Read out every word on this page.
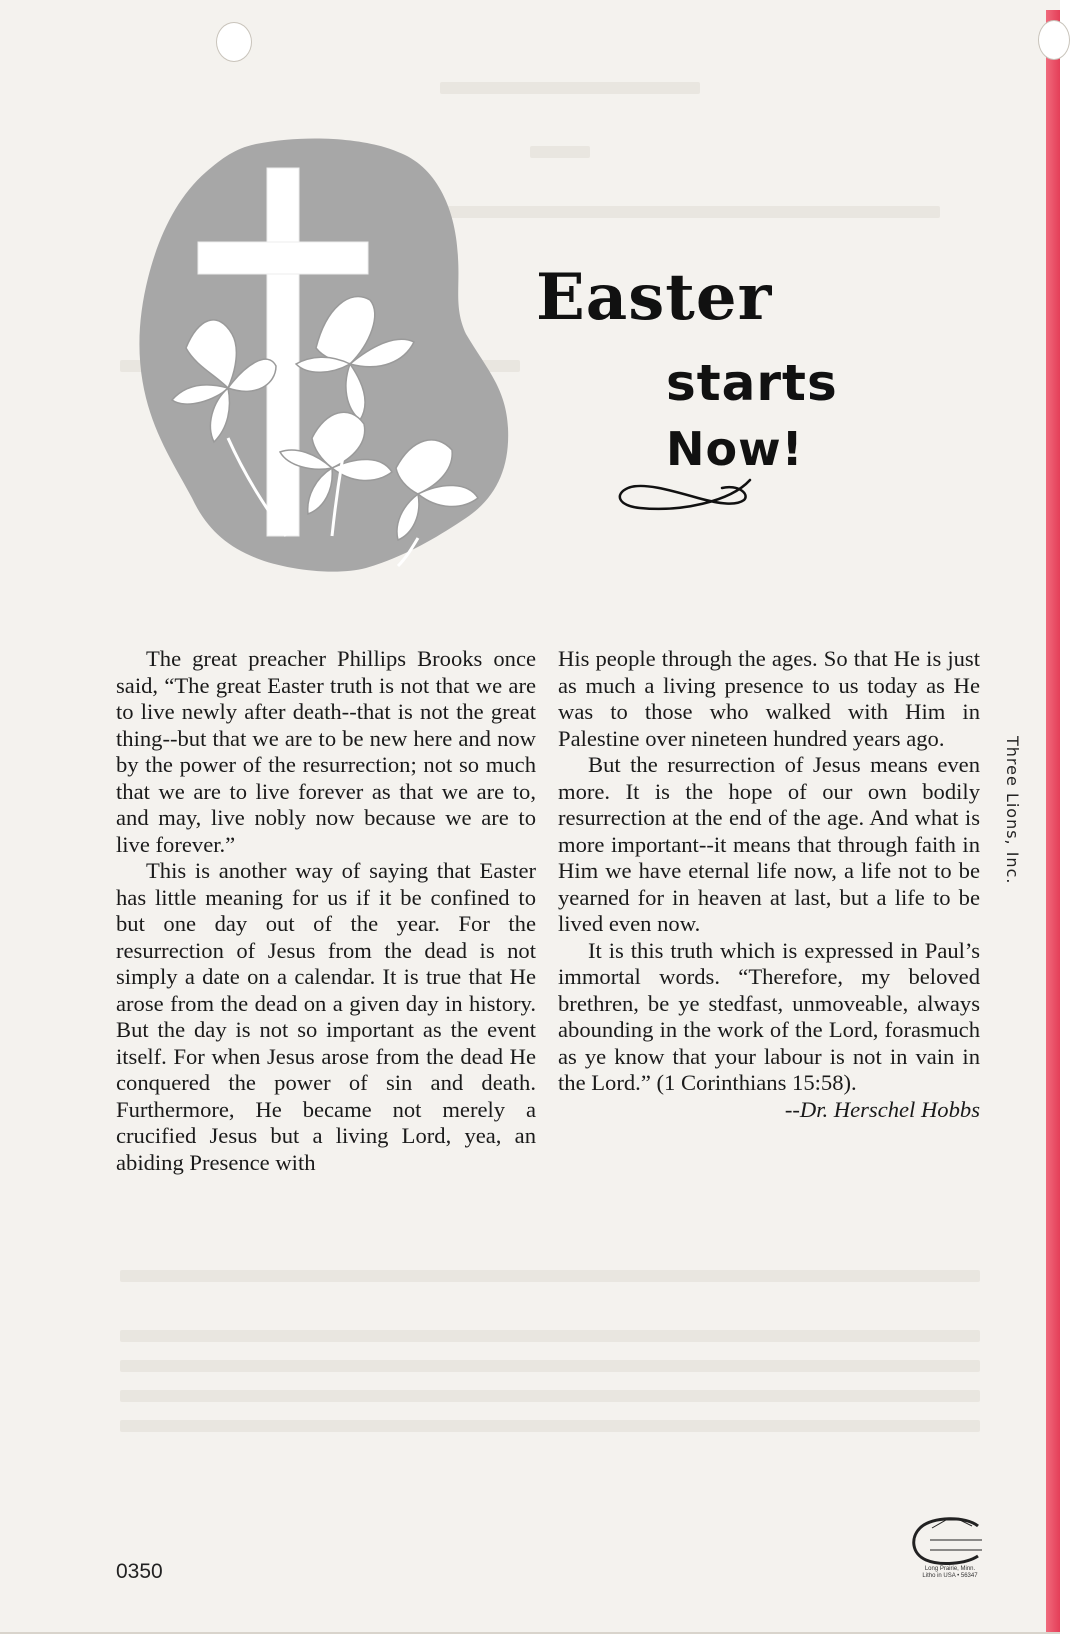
Easter
starts
Now!

The great preacher Phillips Brooks once said, “The great Easter truth is not that we are to live newly after death--that is not the great thing--but that we are to be new here and now by the power of the resurrection; not so much that we are to live forever as that we are to, and may, live nobly now because we are to live forever.”

This is another way of saying that Easter has little meaning for us if it be confined to but one day out of the year. For the resurrection of Jesus from the dead is not simply a date on a calendar. It is true that He arose from the dead on a given day in history. But the day is not so important as the event itself. For when Jesus arose from the dead He conquered the power of sin and death. Furthermore, He became not merely a crucified Jesus but a living Lord, yea, an abiding Presence with

His people through the ages. So that He is just as much a living presence to us today as He was to those who walked with Him in Palestine over nineteen hundred years ago.

But the resurrection of Jesus means even more. It is the hope of our own bodily resurrection at the end of the age. And what is more important--it means that through faith in Him we have eternal life now, a life not to be yearned for in heaven at last, but a life to be lived even now.

It is this truth which is expressed in Paul’s immortal words. “Therefore, my beloved brethren, be ye stedfast, unmoveable, always abounding in the work of the Lord, forasmuch as ye know that your labour is not in vain in the Lord.” (1 Corinthians 15:58).

--Dr. Herschel Hobbs

Three Lions, Inc.
0350	Long Prairie, Minn.
Litho in USA • 56347
